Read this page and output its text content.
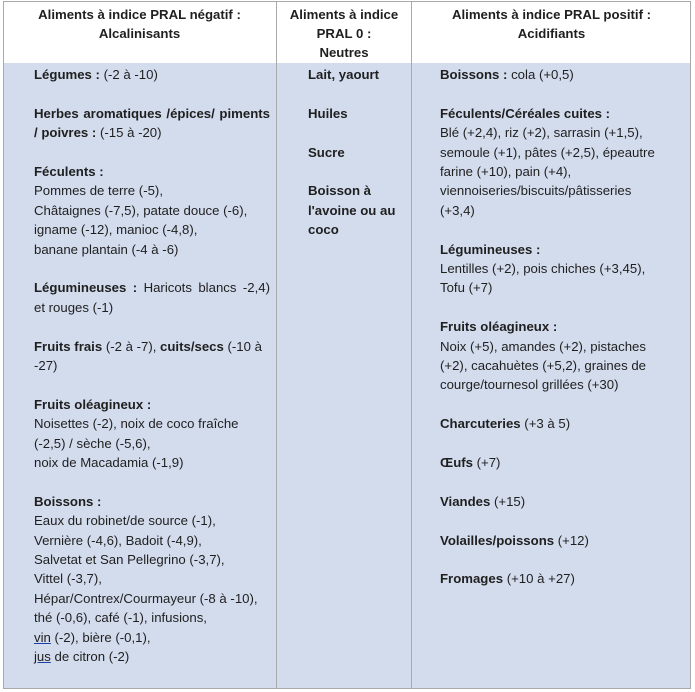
Aliments à indice PRAL négatif :
Alcalinisants
Aliments à indice
PRAL 0 :
Neutres
Aliments à indice PRAL positif :
Acidifiants

Légumes : (-2 à -10)

Herbes aromatiques /épices/ piments / poivres : (-15 à -20)

Féculents :
Pommes de terre (-5),
Châtaignes (-7,5), patate douce (-6),
igname (-12), manioc (-4,8),
banane plantain (-4 à -6)

Légumineuses : Haricots blancs -2,4) et rouges (-1)

Fruits frais (-2 à -7), cuits/secs (-10 à -27)

Fruits oléagineux :
Noisettes (-2), noix de coco fraîche (-2,5) / sèche (-5,6),
noix de Macadamia (-1,9)

Boissons :
Eaux du robinet/de source (-1),
Vernière (-4,6), Badoit (-4,9),
Salvetat et San Pellegrino (-3,7),
Vittel (-3,7),
Hépar/Contrex/Courmayeur (-8 à -10), thé (-0,6), café (-1), infusions,
vin (-2), bière (-0,1),
jus de citron (-2)

Lait, yaourt

Huiles

Sucre

Boisson à l'avoine ou au coco

Boissons : cola (+0,5)

Féculents/Céréales cuites :
Blé (+2,4), riz (+2), sarrasin (+1,5), semoule (+1), pâtes (+2,5), épeautre farine (+10), pain (+4), viennoiseries/biscuits/pâtisseries (+3,4)

Légumineuses :
Lentilles (+2), pois chiches (+3,45), Tofu (+7)

Fruits oléagineux :
Noix (+5), amandes (+2), pistaches (+2), cacahuètes (+5,2), graines de courge/tournesol grillées (+30)

Charcuteries (+3 à 5)

Œufs (+7)

Viandes (+15)

Volailles/poissons (+12)

Fromages (+10 à +27)
